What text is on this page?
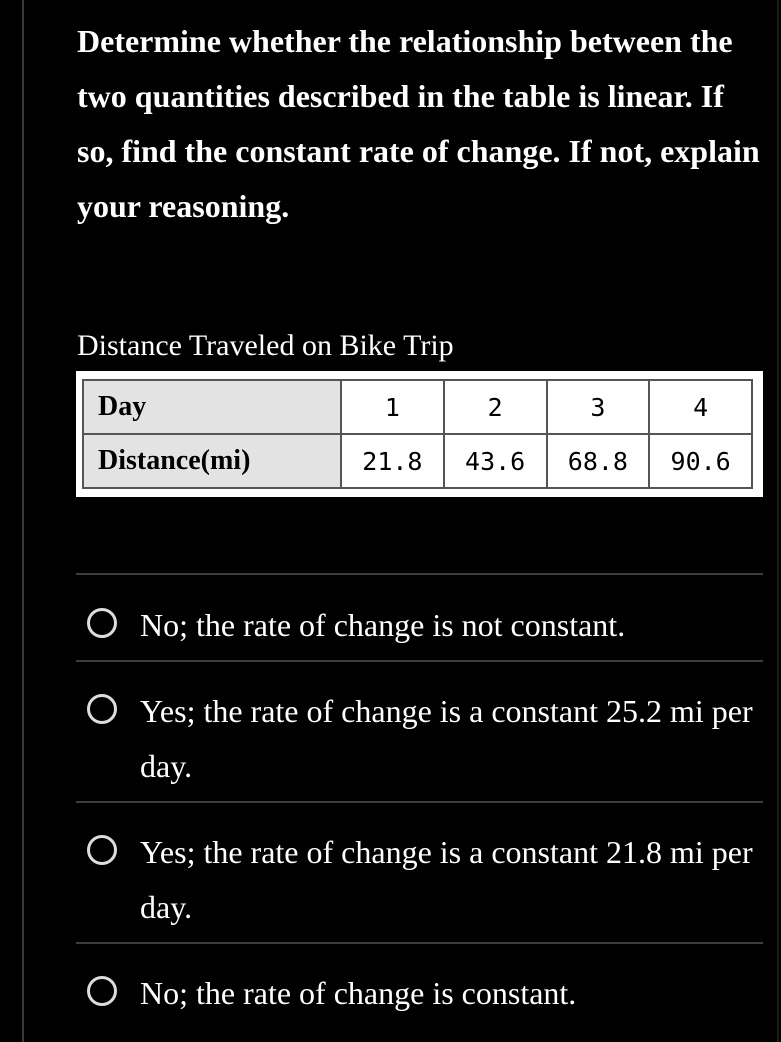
Determine whether the relationship between the two quantities described in the table is linear. If so, find the constant rate of change. If not, explain your reasoning.
Distance Traveled on Bike Trip
Day	1	2	3	4
Distance(mi)	21.8	43.6	68.8	90.6
No; the rate of change is not constant.
Yes; the rate of change is a constant 25.2 mi per day.
Yes; the rate of change is a constant 21.8 mi per day.
No; the rate of change is constant.
